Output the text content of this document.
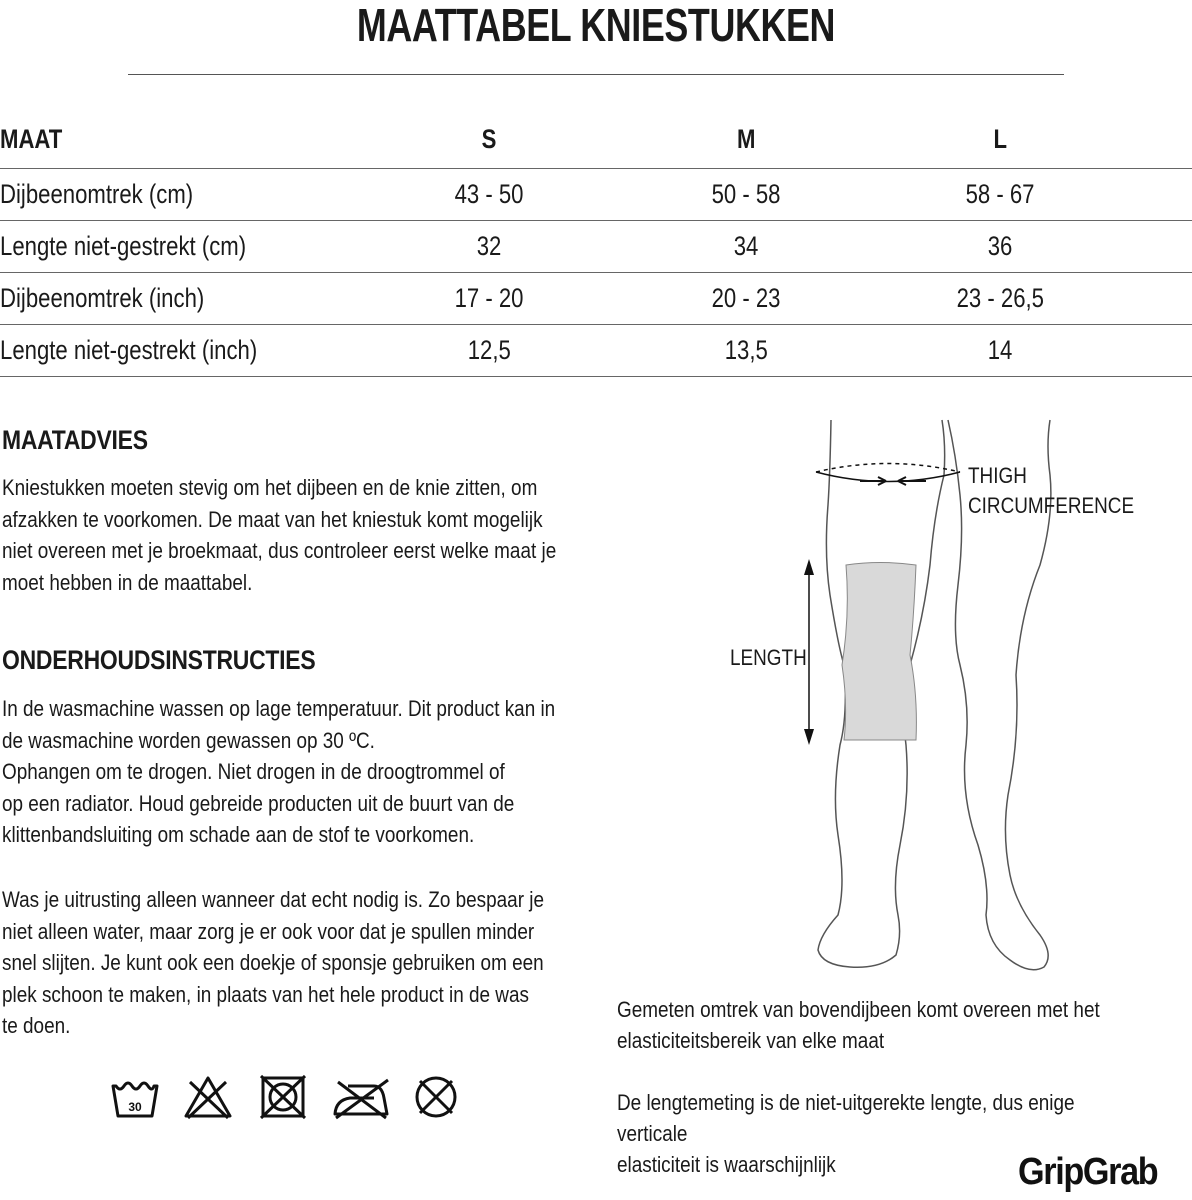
MAATTABEL KNIESTUKKEN
MAAT	S	M	L	
Dijbeenomtrek (cm)	43 - 50	50 - 58	58 - 67	
Lengte niet-gestrekt (cm)	32	34	36	
Dijbeenomtrek (inch)	17 - 20	20 - 23	23 - 26,5	
Lengte niet-gestrekt (inch)	12,5	13,5	14	
MAATADVIES
Kniestukken moeten stevig om het dijbeen en de knie zitten, om
afzakken te voorkomen. De maat van het kniestuk komt mogelijk
niet overeen met je broekmaat, dus controleer eerst welke maat je
moet hebben in de maattabel.
ONDERHOUDSINSTRUCTIES
In de wasmachine wassen op lage temperatuur. Dit product kan in
de wasmachine worden gewassen op 30 ºC.
Ophangen om te drogen. Niet drogen in de droogtrommel of
op een radiator. Houd gebreide producten uit de buurt van de
klittenbandsluiting om schade aan de stof te voorkomen.
Was je uitrusting alleen wanneer dat echt nodig is. Zo bespaar je
niet alleen water, maar zorg je er ook voor dat je spullen minder
snel slijten. Je kunt ook een doekje of sponsje gebruiken om een
plek schoon te maken, in plaats van het hele product in de was
te doen.
30
THIGH
CIRCUMFERENCE
LENGTH
Gemeten omtrek van bovendijbeen komt overeen met het
elasticiteitsbereik van elke maat
De lengtemeting is de niet-uitgerekte lengte, dus enige verticale
elasticiteit is waarschijnlijk	GripGrab
